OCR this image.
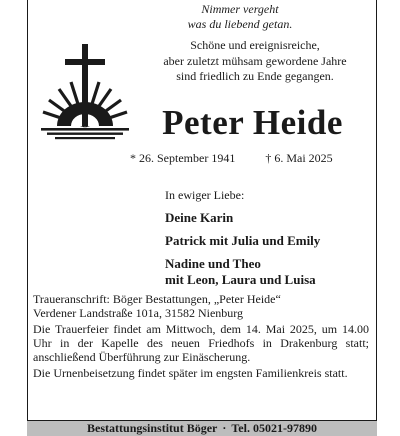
Nimmer vergeht
was du liebend getan.
Schöne und ereignisreiche,
aber zuletzt mühsam gewordene Jahre
sind friedlich zu Ende gegangen.
Peter Heide
* 26. September 1941	† 6. Mai 2025
In ewiger Liebe:
Deine Karin
Patrick mit Julia und Emily
Nadine und Theo
mit Leon, Laura und Luisa

Traueranschrift: Böger Bestattungen, „Peter Heide“
Verdener Landstraße 101a, 31582 Nienburg

Die Trauerfeier findet am Mittwoch, dem 14. Mai 2025, um 14.00 Uhr in der Kapelle des neuen Friedhofs in Drakenburg statt; anschließend Überführung zur Einäscherung.

Die Urnenbeisetzung findet später im engsten Familienkreis statt.

Bestattungsinstitut Böger · Tel. 05021-97890
